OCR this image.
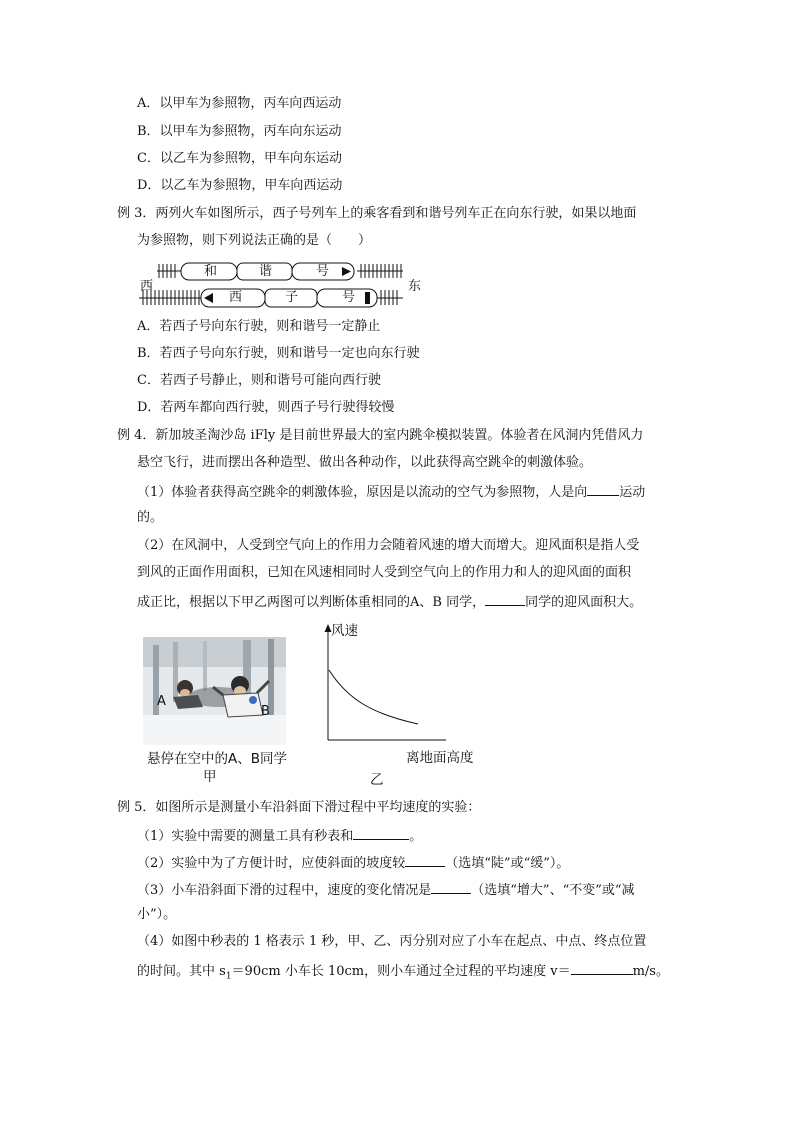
A．以甲车为参照物，丙车向西运动
B．以甲车为参照物，丙车向东运动
C．以乙车为参照物，甲车向东运动
D．以乙车为参照物，甲车向西运动
例 3．两列火车如图所示，西子号列车上的乘客看到和谐号列车正在向东行驶，如果以地面
为参照物，则下列说法正确的是（　　）
西	东
和	谐	号
西	子	号
A．若西子号向东行驶，则和谐号一定静止
B．若西子号向东行驶，则和谐号一定也向东行驶
C．若西子号静止，则和谐号可能向西行驶
D．若两车都向西行驶，则西子号行驶得较慢
例 4．新加坡圣淘沙岛 iFly 是目前世界最大的室内跳伞模拟装置。体验者在风洞内凭借风力
悬空飞行，进而摆出各种造型、做出各种动作，以此获得高空跳伞的刺激体验。
（1）体验者获得高空跳伞的刺激体验，原因是以流动的空气为参照物，人是向 运动
的。
（2）在风洞中，人受到空气向上的作用力会随着风速的增大而增大。迎风面积是指人受
到风的正面作用面积，已知在风速相同时人受到空气向上的作用力和人的迎风面的面积
成正比，根据以下甲乙两图可以判断体重相同的A、B 同学，	同学的迎风面积大。
A
B
悬停在空中的A、B同学
甲
风速
离地面高度
乙
例 5．如图所示是测量小车沿斜面下滑过程中平均速度的实验：
（1）实验中需要的测量工具有秒表和	。
（2）实验中为了方便计时，应使斜面的坡度较	（选填“陡”或“缓”）。
（3）小车沿斜面下滑的过程中，速度的变化情况是	（选填“增大”、“不变”或“减
小”）。
（4）如图中秒表的 1 格表示 1 秒，甲、乙、丙分别对应了小车在起点、中点、终点位置
的时间。其中 $s_1=90cm$ 小车长 10cm，则小车通过全过程的平均速度 v＝	m/s。
